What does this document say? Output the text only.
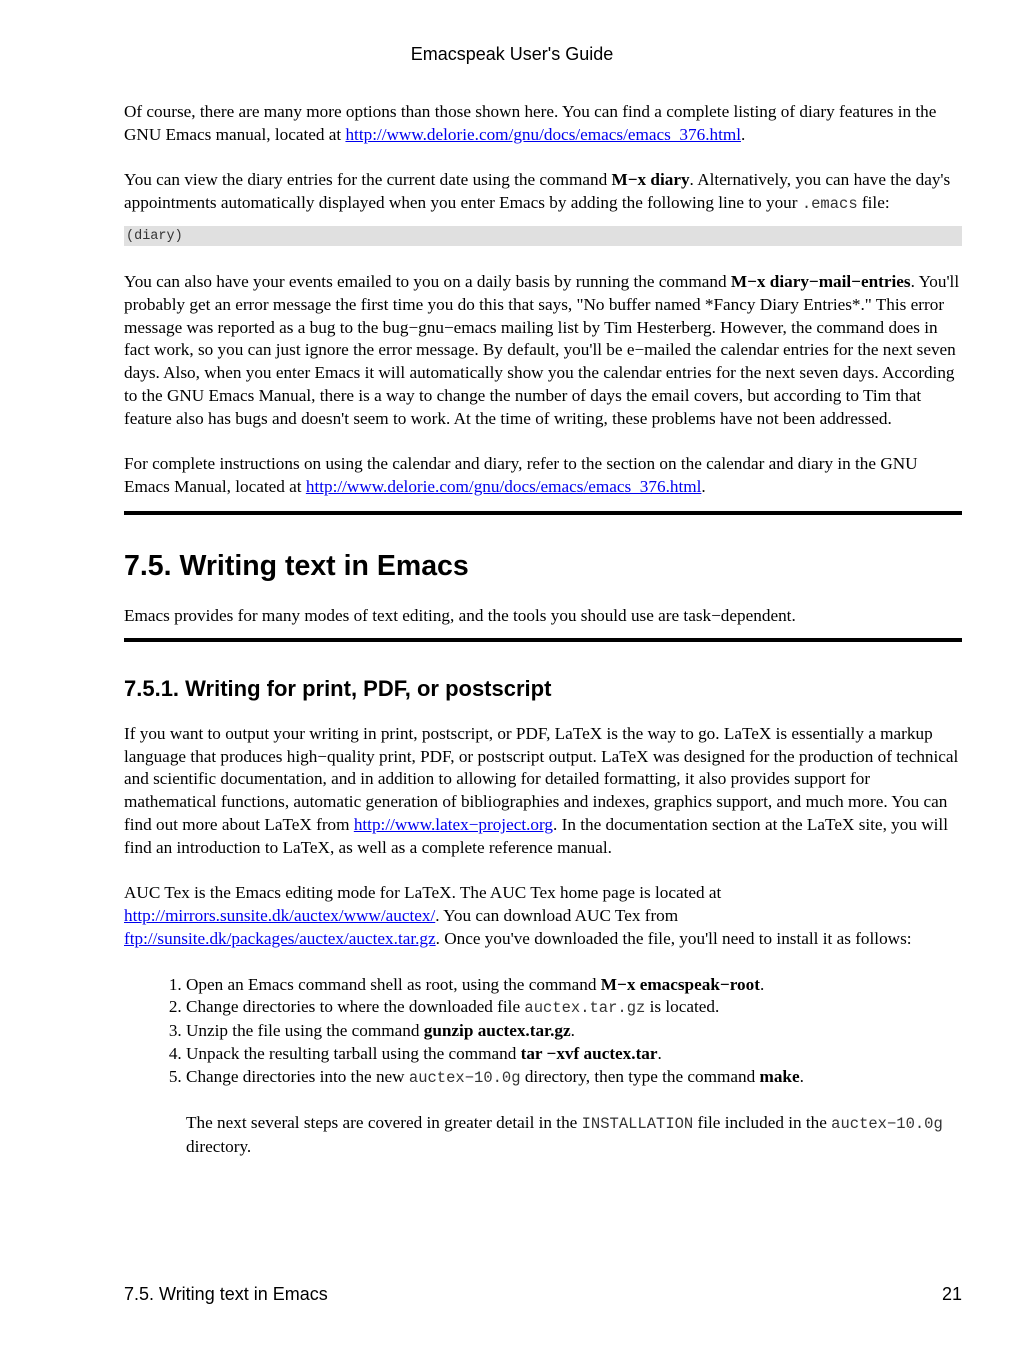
Emacspeak User's Guide

Of course, there are many more options than those shown here. You can find a complete listing of diary features in the GNU Emacs manual, located at http://www.delorie.com/gnu/docs/emacs/emacs_376.html.

You can view the diary entries for the current date using the command M−x diary. Alternatively, you can have the day's appointments automatically displayed when you enter Emacs by adding the following line to your .emacs file:

(diary)

You can also have your events emailed to you on a daily basis by running the command M−x diary−mail−entries. You'll probably get an error message the first time you do this that says, "No buffer named *Fancy Diary Entries*." This error message was reported as a bug to the bug−gnu−emacs mailing list by Tim Hesterberg. However, the command does in fact work, so you can just ignore the error message. By default, you'll be e−mailed the calendar entries for the next seven days. Also, when you enter Emacs it will automatically show you the calendar entries for the next seven days. According to the GNU Emacs Manual, there is a way to change the number of days the email covers, but according to Tim that feature also has bugs and doesn't seem to work. At the time of writing, these problems have not been addressed.

For complete instructions on using the calendar and diary, refer to the section on the calendar and diary in the GNU Emacs Manual, located at http://www.delorie.com/gnu/docs/emacs/emacs_376.html.

7.5. Writing text in Emacs

Emacs provides for many modes of text editing, and the tools you should use are task−dependent.

7.5.1. Writing for print, PDF, or postscript

If you want to output your writing in print, postscript, or PDF, LaTeX is the way to go. LaTeX is essentially a markup language that produces high−quality print, PDF, or postscript output. LaTeX was designed for the production of technical and scientific documentation, and in addition to allowing for detailed formatting, it also provides support for mathematical functions, automatic generation of bibliographies and indexes, graphics support, and much more. You can find out more about LaTeX from http://www.latex−project.org. In the documentation section at the LaTeX site, you will find an introduction to LaTeX, as well as a complete reference manual.

AUC Tex is the Emacs editing mode for LaTeX. The AUC Tex home page is located at http://mirrors.sunsite.dk/auctex/www/auctex/. You can download AUC Tex from ftp://sunsite.dk/packages/auctex/auctex.tar.gz. Once you've downloaded the file, you'll need to install it as follows:

1. Open an Emacs command shell as root, using the command M−x emacspeak−root.
2. Change directories to where the downloaded file auctex.tar.gz is located.
3. Unzip the file using the command gunzip auctex.tar.gz.
4. Unpack the resulting tarball using the command tar −xvf auctex.tar.
5. Change directories into the new auctex−10.0g directory, then type the command make.

The next several steps are covered in greater detail in the INSTALLATION file included in the auctex−10.0g directory.

7.5. Writing text in Emacs	21
